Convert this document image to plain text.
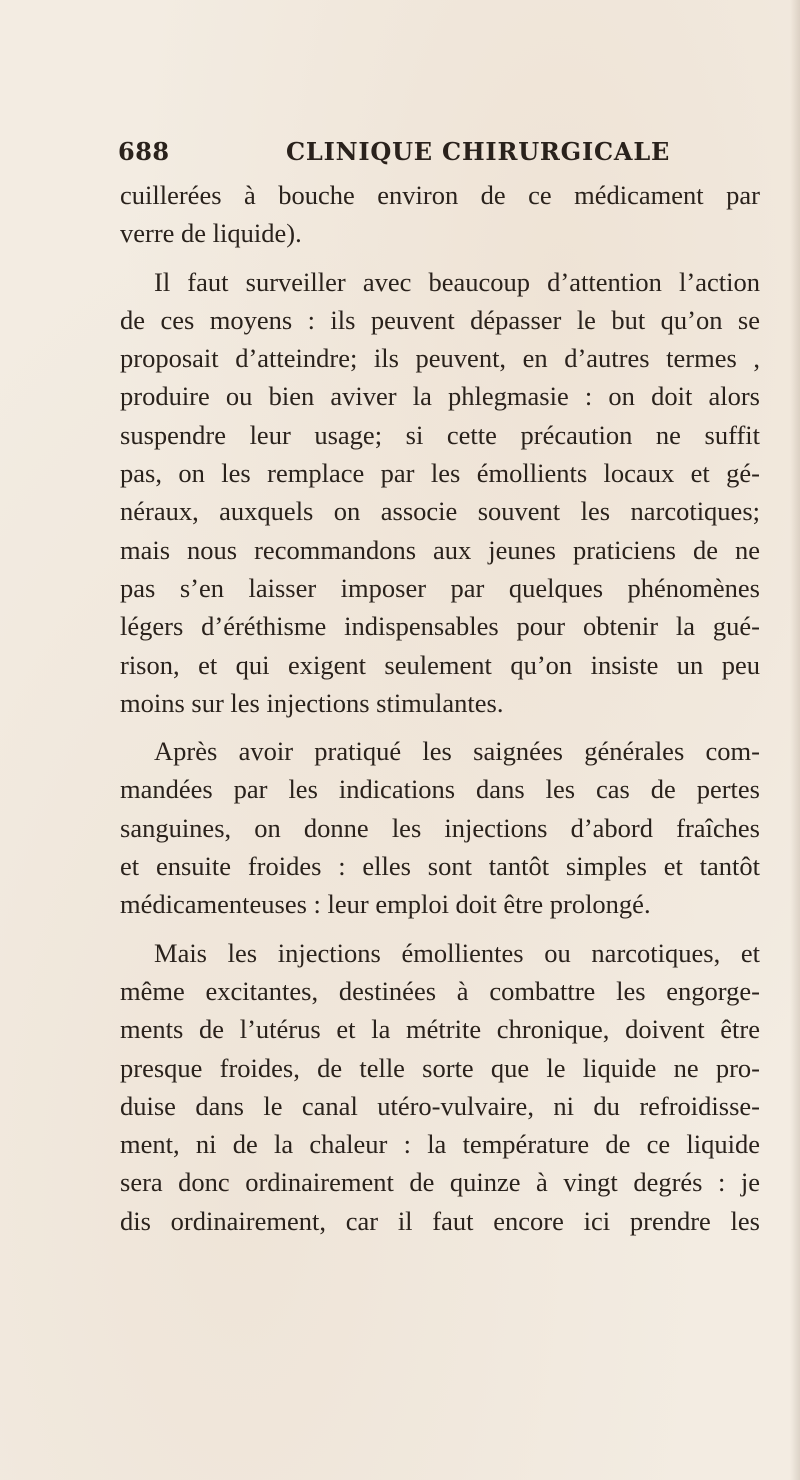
688	CLINIQUE CHIRURGICALE
cuillerées à bouche environ de ce médicament par
verre de liquide).
Il faut surveiller avec beaucoup d’attention l’action
de ces moyens : ils peuvent dépasser le but qu’on se
proposait d’atteindre; ils peuvent, en d’autres termes ,
produire ou bien aviver la phlegmasie : on doit alors
suspendre leur usage; si cette précaution ne suffit
pas, on les remplace par les émollients locaux et gé-
néraux, auxquels on associe souvent les narcotiques;
mais nous recommandons aux jeunes praticiens de ne
pas s’en laisser imposer par quelques phénomènes
légers d’éréthisme indispensables pour obtenir la gué-
rison, et qui exigent seulement qu’on insiste un peu
moins sur les injections stimulantes.
Après avoir pratiqué les saignées générales com-
mandées par les indications dans les cas de pertes
sanguines, on donne les injections d’abord fraîches
et ensuite froides : elles sont tantôt simples et tantôt
médicamenteuses : leur emploi doit être prolongé.
Mais les injections émollientes ou narcotiques, et
même excitantes, destinées à combattre les engorge-
ments de l’utérus et la métrite chronique, doivent être
presque froides, de telle sorte que le liquide ne pro-
duise dans le canal utéro-vulvaire, ni du refroidisse-
ment, ni de la chaleur : la température de ce liquide
sera donc ordinairement de quinze à vingt degrés : je
dis ordinairement, car il faut encore ici prendre les
